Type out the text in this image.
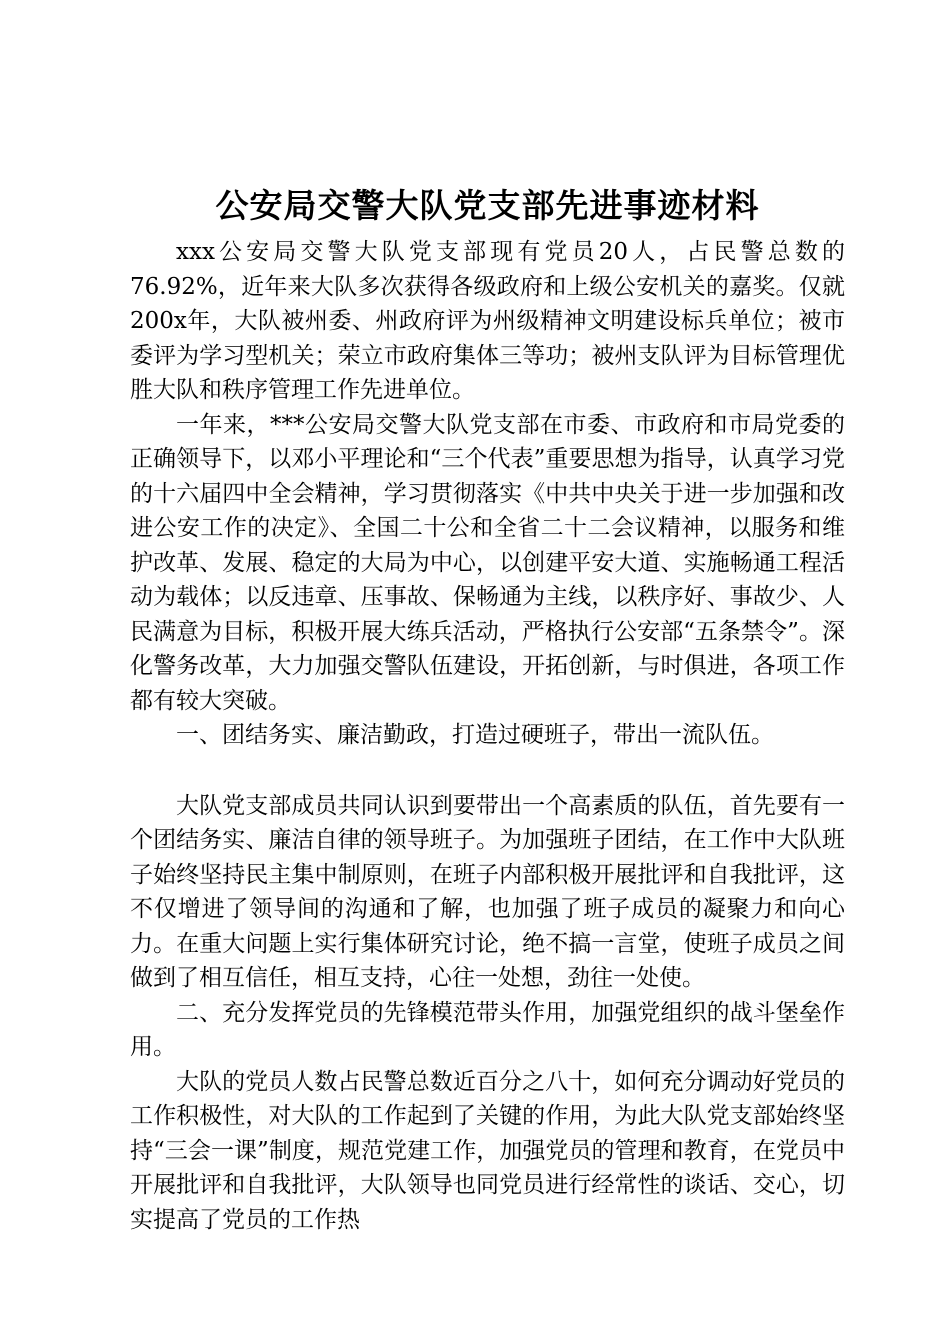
公安局交警大队党支部先进事迹材料

xxx公安局交警大队党支部现有党员20人，占民警总数的76.92%，近年来大队多次获得各级政府和上级公安机关的嘉奖。仅就200x年，大队被州委、州政府评为州级精神文明建设标兵单位；被市委评为学习型机关；荣立市政府集体三等功；被州支队评为目标管理优胜大队和秩序管理工作先进单位。

一年来，***公安局交警大队党支部在市委、市政府和市局党委的正确领导下，以邓小平理论和“三个代表”重要思想为指导，认真学习党的十六届四中全会精神，学习贯彻落实《中共中央关于进一步加强和改进公安工作的决定》、全国二十公和全省二十二会议精神，以服务和维护改革、发展、稳定的大局为中心，以创建平安大道、实施畅通工程活动为载体；以反违章、压事故、保畅通为主线，以秩序好、事故少、人民满意为目标，积极开展大练兵活动，严格执行公安部“五条禁令”。深化警务改革，大力加强交警队伍建设，开拓创新，与时俱进，各项工作都有较大突破。

一、团结务实、廉洁勤政，打造过硬班子，带出一流队伍。

大队党支部成员共同认识到要带出一个高素质的队伍，首先要有一个团结务实、廉洁自律的领导班子。为加强班子团结，在工作中大队班子始终坚持民主集中制原则，在班子内部积极开展批评和自我批评，这不仅增进了领导间的沟通和了解，也加强了班子成员的凝聚力和向心力。在重大问题上实行集体研究讨论，绝不搞一言堂，使班子成员之间做到了相互信任，相互支持，心往一处想，劲往一处使。

二、充分发挥党员的先锋模范带头作用，加强党组织的战斗堡垒作用。

大队的党员人数占民警总数近百分之八十，如何充分调动好党员的工作积极性，对大队的工作起到了关键的作用，为此大队党支部始终坚持“三会一课”制度，规范党建工作，加强党员的管理和教育，在党员中开展批评和自我批评，大队领导也同党员进行经常性的谈话、交心，切实提高了党员的工作热
